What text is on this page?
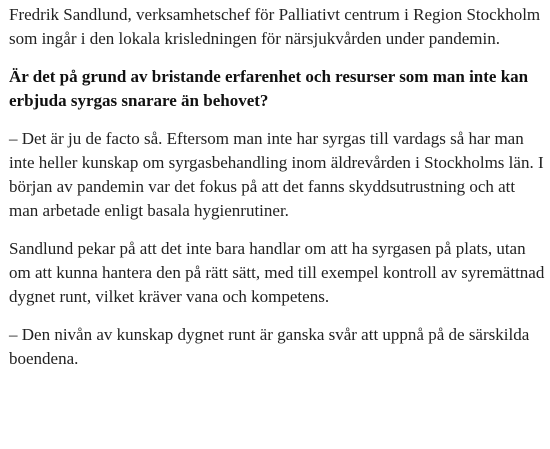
Fredrik Sandlund, verksamhetschef för Palliativt centrum i Region Stockholm som ingår i den lokala krisledningen för närsjukvården under pandemin.

Är det på grund av bristande erfarenhet och resurser som man inte kan erbjuda syrgas snarare än behovet?

– Det är ju de facto så. Eftersom man inte har syrgas till vardags så har man inte heller kunskap om syrgasbehandling inom äldrevården i Stockholms län. I början av pandemin var det fokus på att det fanns skyddsutrustning och att man arbetade enligt basala hygienrutiner.

Sandlund pekar på att det inte bara handlar om att ha syrgasen på plats, utan om att kunna hantera den på rätt sätt, med till exempel kontroll av syremättnad dygnet runt, vilket kräver vana och kompetens.

– Den nivån av kunskap dygnet runt är ganska svår att uppnå på de särskilda boendena.
